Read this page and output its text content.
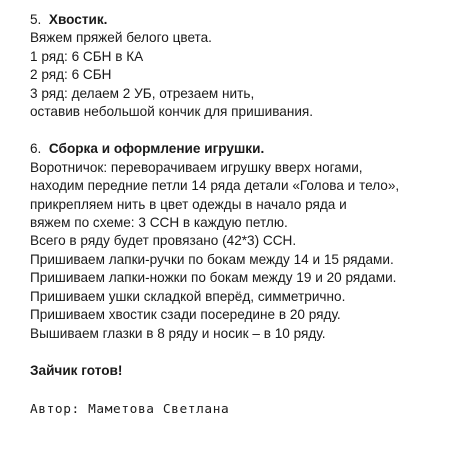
5. Хвостик.
Вяжем пряжей белого цвета.
1 ряд: 6 СБН в КА
2 ряд: 6 СБН
3 ряд: делаем 2 УБ, отрезаем нить,
оставив небольшой кончик для пришивания.
6. Сборка и оформление игрушки.
Воротничок: переворачиваем игрушку вверх ногами,
находим передние петли 14 ряда детали «Голова и тело»,
прикрепляем нить в цвет одежды в начало ряда и
вяжем по схеме: 3 ССН в каждую петлю.
Всего в ряду будет провязано (42*3) ССН.
Пришиваем лапки-ручки по бокам между 14 и 15 рядами.
Пришиваем лапки-ножки по бокам между 19 и 20 рядами.
Пришиваем ушки складкой вперёд, симметрично.
Пришиваем хвостик сзади посередине в 20 ряду.
Вышиваем глазки в 8 ряду и носик – в 10 ряду.
Зайчик готов!
Автор: Маметова Светлана
